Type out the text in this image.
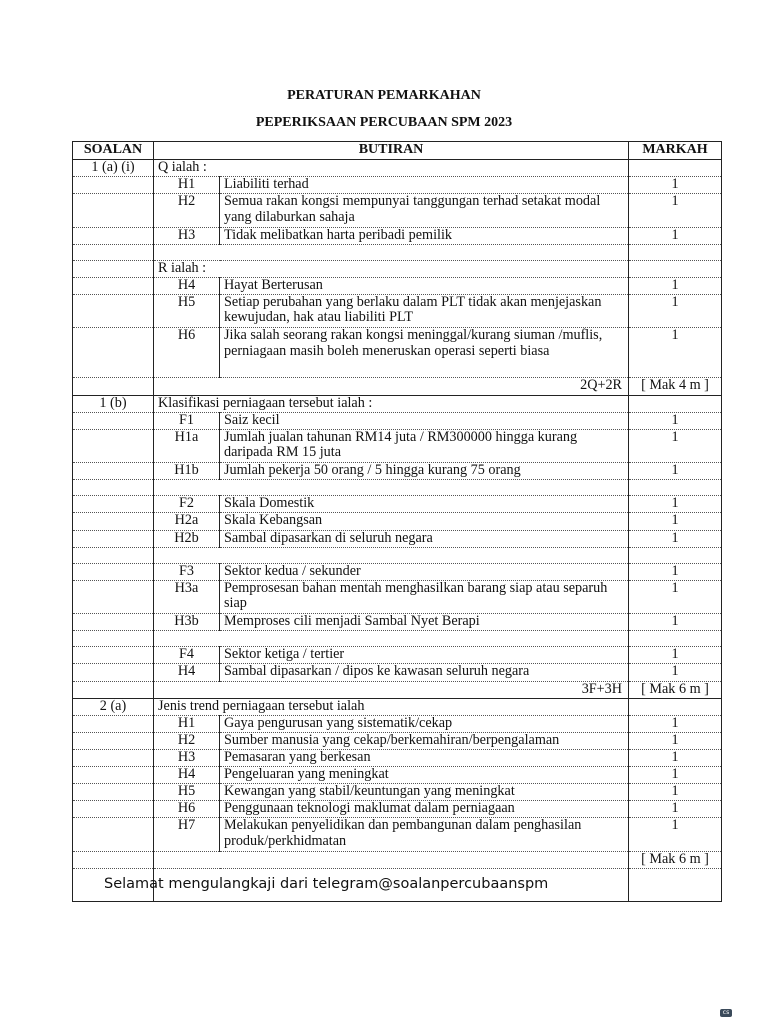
PERATURAN PEMARKAHAN
PEPERIKSAAN PERCUBAAN SPM 2023
SOALAN	BUTIRAN		MARKAH
1 (a) (i)	Q ialah :		
	H1	Liabiliti terhad	1
	H2	Semua rakan kongsi mempunyai tanggungan terhad setakat modal yang dilaburkan sahaja	1
	H3	Tidak melibatkan harta peribadi pemilik	1

	R ialah :		
	H4	Hayat Berterusan	1
	H5	Setiap perubahan yang berlaku dalam PLT tidak akan menjejaskan kewujudan, hak atau liabiliti PLT	1
	H6	Jika salah seorang rakan kongsi meninggal/kurang siuman /muflis, perniagaan masih boleh meneruskan operasi seperti biasa	1
	2Q+2R		[ Mak 4 m ]
1 (b)	Klasifikasi perniagaan tersebut ialah :		
	F1	Saiz kecil	1
	H1a	Jumlah jualan tahunan RM14 juta / RM300000 hingga kurang daripada RM 15 juta	1
	H1b	Jumlah pekerja 50 orang / 5 hingga kurang 75 orang	1

	F2	Skala Domestik	1
	H2a	Skala Kebangsan	1
	H2b	Sambal dipasarkan di seluruh negara	1

	F3	Sektor kedua / sekunder	1
	H3a	Pemprosesan bahan mentah menghasilkan barang siap atau separuh siap	1
	H3b	Memproses cili menjadi Sambal Nyet Berapi	1

	F4	Sektor ketiga / tertier	1
	H4	Sambal dipasarkan / dipos ke kawasan seluruh negara	1
	3F+3H		[ Mak 6 m ]
2 (a)	Jenis trend perniagaan tersebut ialah		
	H1	Gaya pengurusan yang sistematik/cekap	1
	H2	Sumber manusia yang cekap/berkemahiran/berpengalaman	1
	H3	Pemasaran yang berkesan	1
	H4	Pengeluaran yang meningkat	1
	H5	Kewangan yang stabil/keuntungan yang meningkat	1
	H6	Penggunaan teknologi maklumat dalam perniagaan	1
	H7	Melakukan penyelidikan dan pembangunan dalam penghasilan produk/perkhidmatan	1
			[ Mak 6 m ]

Selamat mengulangkaji dari telegram@soalanpercubaanspm
cs
